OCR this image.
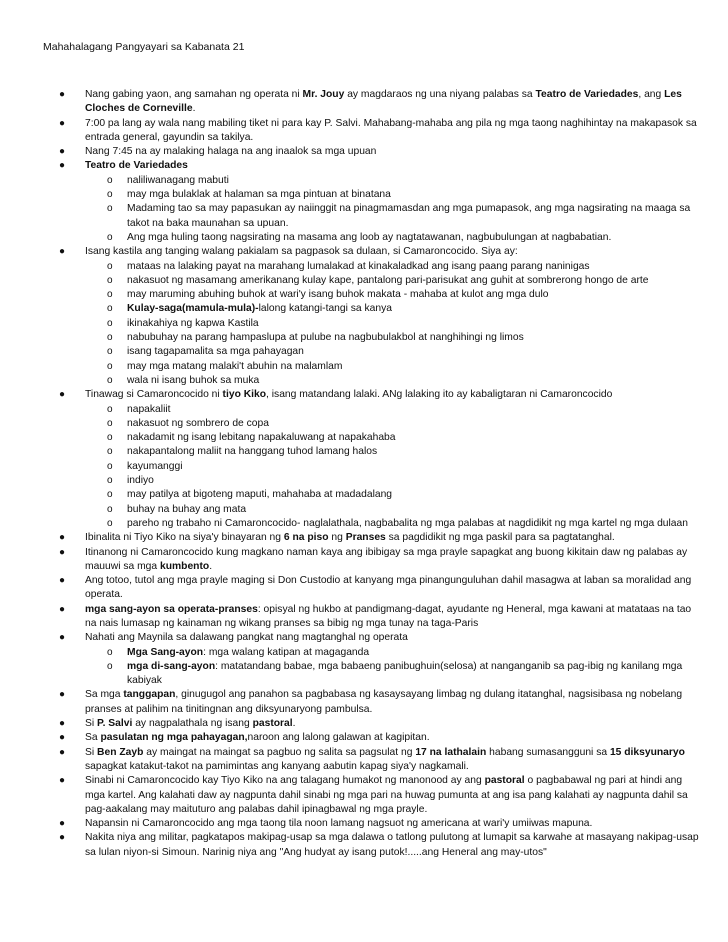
Mahahalagang Pangyayari sa Kabanata 21
● Nang gabing yaon, ang samahan ng operata ni Mr. Jouy ay magdaraos ng una niyang palabas sa Teatro de Variedades, ang Les Cloches de Corneville.
● 7:00 pa lang ay wala nang mabiling tiket ni para kay P. Salvi. Mahabang-mahaba ang pila ng mga taong naghihintay na makapasok sa entrada general, gayundin sa takilya.
● Nang 7:45 na ay malaking halaga na ang inaalok sa mga upuan
● Teatro de Variedades
o naliliwanagang mabuti
o may mga bulaklak at halaman sa mga pintuan at binatana
o Madaming tao sa may papasukan ay naiinggit na pinagmamasdan ang mga pumapasok, ang mga nagsirating na maaga sa takot na baka maunahan sa upuan.
o Ang mga huling taong nagsirating na masama ang loob ay nagtatawanan, nagbubulungan at nagbabatian.
● Isang kastila ang tanging walang pakialam sa pagpasok sa dulaan, si Camaroncocido. Siya ay:
o mataas na lalaking payat na marahang lumalakad at kinakaladkad ang isang paang parang naninigas
o nakasuot ng masamang amerikanang kulay kape, pantalong pari-parisukat ang guhit at sombrerong hongo de arte
o may maruming abuhing buhok at wari'y isang buhok makata - mahaba at kulot ang mga dulo
o Kulay-saga(mamula-mula)-lalong katangi-tangi sa kanya
o ikinakahiya ng kapwa Kastila
o nabubuhay na parang hampaslupa at pulube na nagbubulakbol at nanghihingi ng limos
o isang tagapamalita sa mga pahayagan
o may mga matang malaki't abuhin na malamlam
o wala ni isang buhok sa muka
● Tinawag si Camaroncocido ni tiyo Kiko, isang matandang lalaki. ANg lalaking ito ay kabaligtaran ni Camaroncocido
o napakaliit
o nakasuot ng sombrero de copa
o nakadamit ng isang lebitang napakaluwang at napakahaba
o nakapantalong maliit na hanggang tuhod lamang halos
o kayumanggi
o indiyo
o may patilya at bigoteng maputi, mahahaba at madadalang
o buhay na buhay ang mata
o pareho ng trabaho ni Camaroncocido- naglalathala, nagbabalita ng mga palabas at nagdidikit ng mga kartel ng mga dulaan
● Ibinalita ni Tiyo Kiko na siya'y binayaran ng 6 na piso ng Pranses sa pagdidikit ng mga paskil para sa pagtatanghal.
● Itinanong ni Camaroncocido kung magkano naman kaya ang ibibigay sa mga prayle sapagkat ang buong kikitain daw ng palabas ay mauuwi sa mga kumbento.
● Ang totoo, tutol ang mga prayle maging si Don Custodio at kanyang mga pinangunguluhan dahil masagwa at laban sa moralidad ang operata.
● mga sang-ayon sa operata-pranses: opisyal ng hukbo at pandigmang-dagat, ayudante ng Heneral, mga kawani at matataas na tao na nais lumasap ng kainaman ng wikang pranses sa bibig ng mga tunay na taga-Paris
● Nahati ang Maynila sa dalawang pangkat nang magtanghal ng operata
o Mga Sang-ayon: mga walang katipan at magaganda
o mga di-sang-ayon: matatandang babae, mga babaeng panibughuin(selosa) at nanganganib sa pag-ibig ng kanilang mga kabiyak
● Sa mga tanggapan, ginugugol ang panahon sa pagbabasa ng kasaysayang limbag ng dulang itatanghal, nagsisibasa ng nobelang pranses at palihim na tinitingnan ang diksyunaryong pambulsa.
● Si P. Salvi ay nagpalathala ng isang pastoral.
● Sa pasulatan ng mga pahayagan,naroon ang lalong galawan at kagipitan.
● Si Ben Zayb ay maingat na maingat sa pagbuo ng salita sa pagsulat ng 17 na lathalain habang sumasangguni sa 15 diksyunaryo sapagkat katakut-takot na pamimintas ang kanyang aabutin kapag siya'y nagkamali.
● Sinabi ni Camaroncocido kay Tiyo Kiko na ang talagang humakot ng manonood ay ang pastoral o pagbabawal ng pari at hindi ang mga kartel. Ang kalahati daw ay nagpunta dahil sinabi ng mga pari na huwag pumunta at ang isa pang kalahati ay nagpunta dahil sa pag-aakalang may maituturo ang palabas dahil ipinagbawal ng mga prayle.
● Napansin ni Camaroncocido ang mga taong tila noon lamang nagsuot ng americana at wari'y umiiwas mapuna.
● Nakita niya ang militar, pagkatapos makipag-usap sa mga dalawa o tatlong pulutong at lumapit sa karwahe at masayang nakipag-usap sa lulan niyon-si Simoun. Narinig niya ang "Ang hudyat ay isang putok!.....ang Heneral ang may-utos"
